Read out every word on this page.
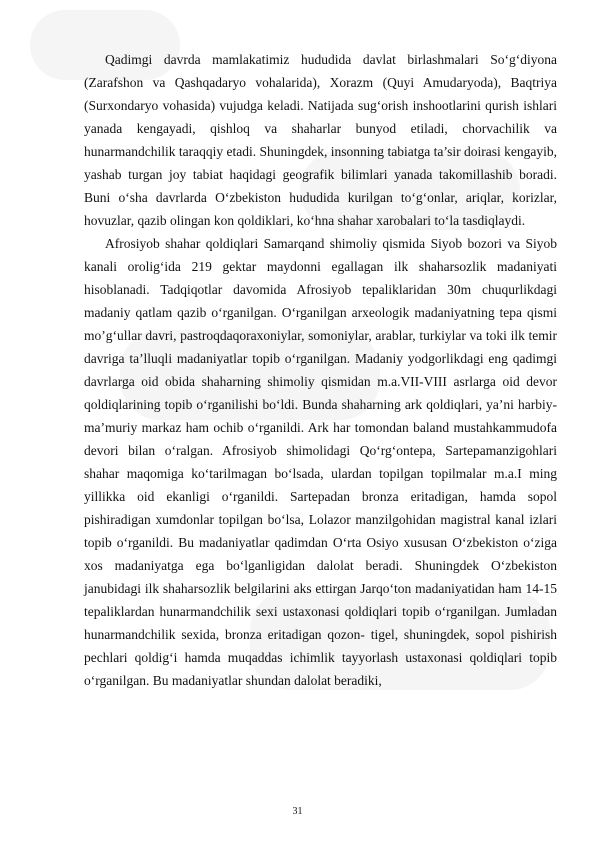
Qadimgi davrda mamlakatimiz hududida davlat birlashmalari So‘g‘diyona (Zarafshon va Qashqadaryo vohalarida), Xorazm (Quyi Amudaryoda), Baqtriya (Surxondaryo vohasida) vujudga keladi. Natijada sug‘orish inshootlarini qurish ishlari yanada kengayadi, qishloq va shaharlar bunyod etiladi, chorvachilik va hunarmandchilik taraqqiy etadi. Shuningdek, insonning tabiatga ta’sir doirasi kengayib, yashab turgan joy tabiat haqidagi geografik bilimlari yanada takomillashib boradi. Buni o‘sha davrlarda O‘zbekiston hududida kurilgan to‘g‘onlar, ariqlar, korizlar, hovuzlar, qazib olingan kon qoldiklari, ko‘hna shahar xarobalari to‘la tasdiqlaydi.

Afrosiyob shahar qoldiqlari Samarqand shimoliy qismida Siyob bozori va Siyob kanali orolig‘ida 219 gektar maydonni egallagan ilk shaharsozlik madaniyati hisoblanadi. Tadqiqotlar davomida Afrosiyob tepaliklaridan 30m chuqurlikdagi madaniy qatlam qazib o‘rganilgan. O‘rganilgan arxeologik madaniyatning tepa qismi mo’g‘ullar davri, pastroqdaqoraxoniylar, somoniylar, arablar, turkiylar va toki ilk temir davriga ta’lluqli madaniyatlar topib o‘rganilgan. Madaniy yodgorlikdagi eng qadimgi davrlarga oid obida shaharning shimoliy qismidan m.a.VII-VIII asrlarga oid devor qoldiqlarining topib o‘rganilishi bo‘ldi. Bunda shaharning ark qoldiqlari, ya’ni harbiy-ma’muriy markaz ham ochib o‘rganildi. Ark har tomondan baland mustahkammudofa devori bilan o‘ralgan. Afrosiyob shimolidagi Qo‘rg‘ontepa, Sartepamanzigohlari shahar maqomiga ko‘tarilmagan bo‘lsada, ulardan topilgan topilmalar m.a.I ming yillikka oid ekanligi o‘rganildi. Sartepadan bronza eritadigan, hamda sopol pishiradigan xumdonlar topilgan bo‘lsa, Lolazor manzilgohidan magistral kanal izlari topib o‘rganildi. Bu madaniyatlar qadimdan O‘rta Osiyo xususan O‘zbekiston o‘ziga xos madaniyatga ega bo‘lganligidan dalolat beradi. Shuningdek O‘zbekiston janubidagi ilk shaharsozlik belgilarini aks ettirgan Jarqo‘ton madaniyatidan ham 14-15 tepaliklardan hunarmandchilik sexi ustaxonasi qoldiqlari topib o‘rganilgan. Jumladan hunarmandchilik sexida, bronza eritadigan qozon- tigel, shuningdek, sopol pishirish pechlari qoldig‘i hamda muqaddas ichimlik tayyorlash ustaxonasi qoldiqlari topib o‘rganilgan. Bu madaniyatlar shundan dalolat beradiki,

31
